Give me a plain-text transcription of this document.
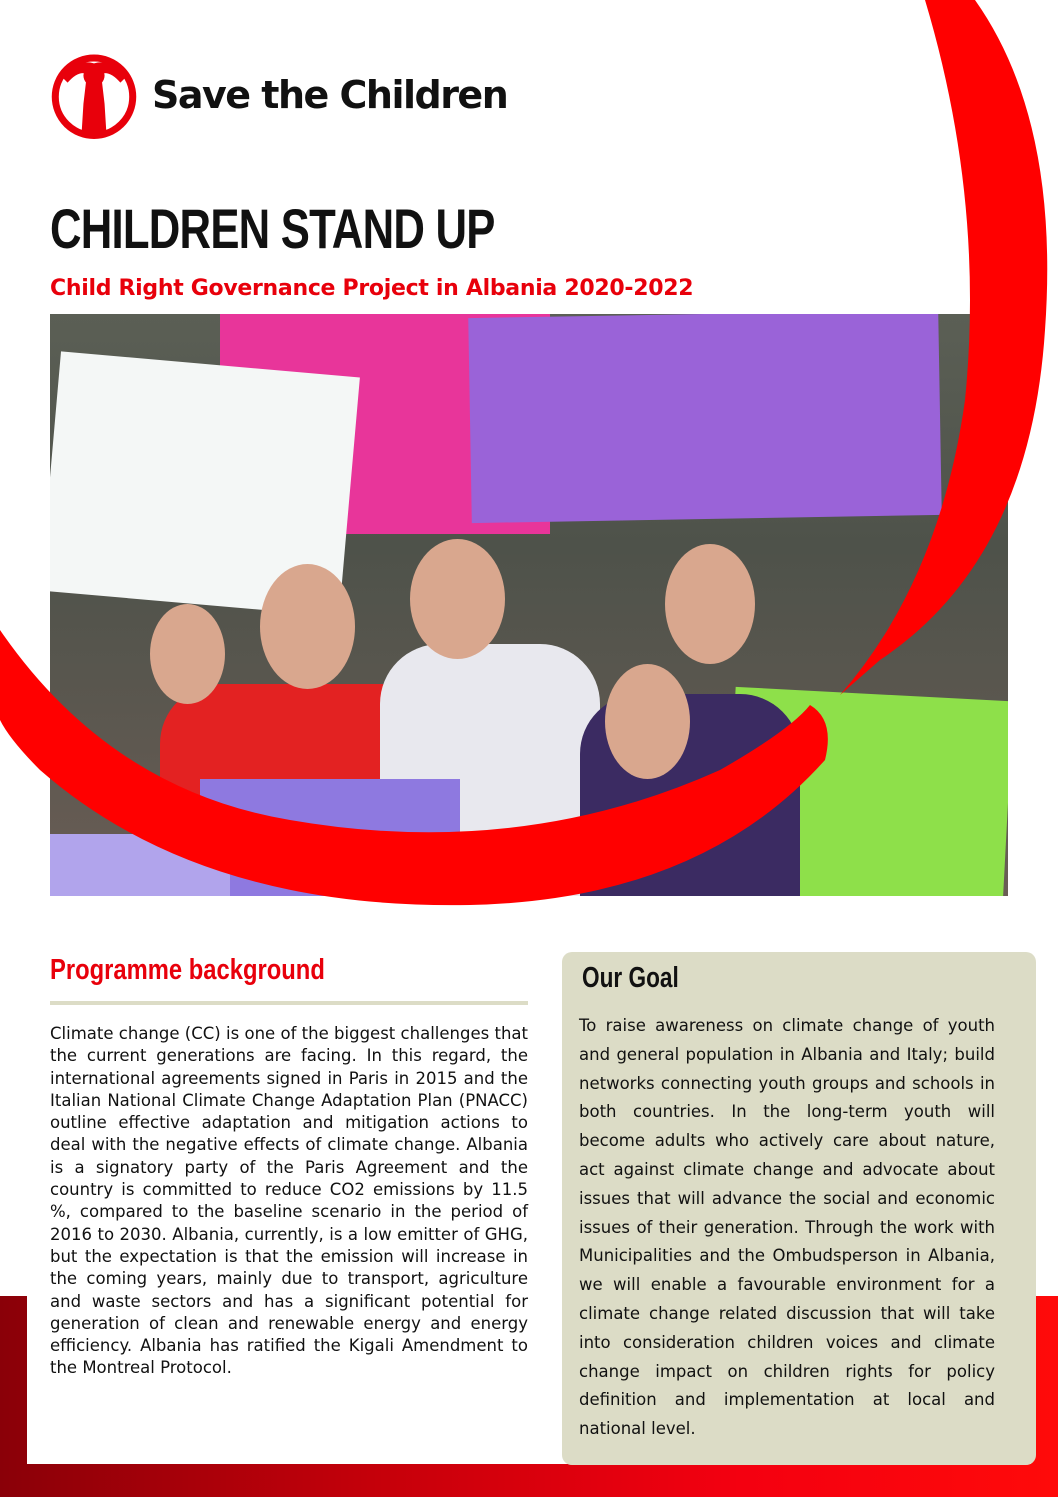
Save the Children
CHILDREN STAND UP
Child Right Governance Project in Albania 2020-2022
Programme background
Climate change (CC) is one of the biggest challenges that the current generations are facing. In this regard, the international agreements signed in Paris in 2015 and the Italian National Climate Change Adaptation Plan (PNACC) outline effective adaptation and mitigation actions to deal with the negative effects of climate change. Albania is a signatory party of the Paris Agreement and the country is committed to reduce CO2 emissions by 11.5 %, compared to the baseline scenario in the period of 2016 to 2030. Albania, currently, is a low emitter of GHG, but the expectation is that the emission will increase in the coming years, mainly due to transport, agriculture and waste sectors and has a significant potential for generation of clean and renewable energy and energy efficiency. Albania has ratified the Kigali Amendment to the Montreal Protocol.
Our Goal
To raise awareness on climate change of youth and general population in Albania and Italy; build networks connecting youth groups and schools in both countries. In the long-term youth will become adults who actively care about nature, act against climate change and advocate about issues that will advance the social and economic issues of their generation. Through the work with Municipalities and the Ombudsperson in Albania, we will enable a favourable environment for a climate change related discussion that will take into consideration children voices and climate change impact on children rights for policy definition and implementation at local and national level.
